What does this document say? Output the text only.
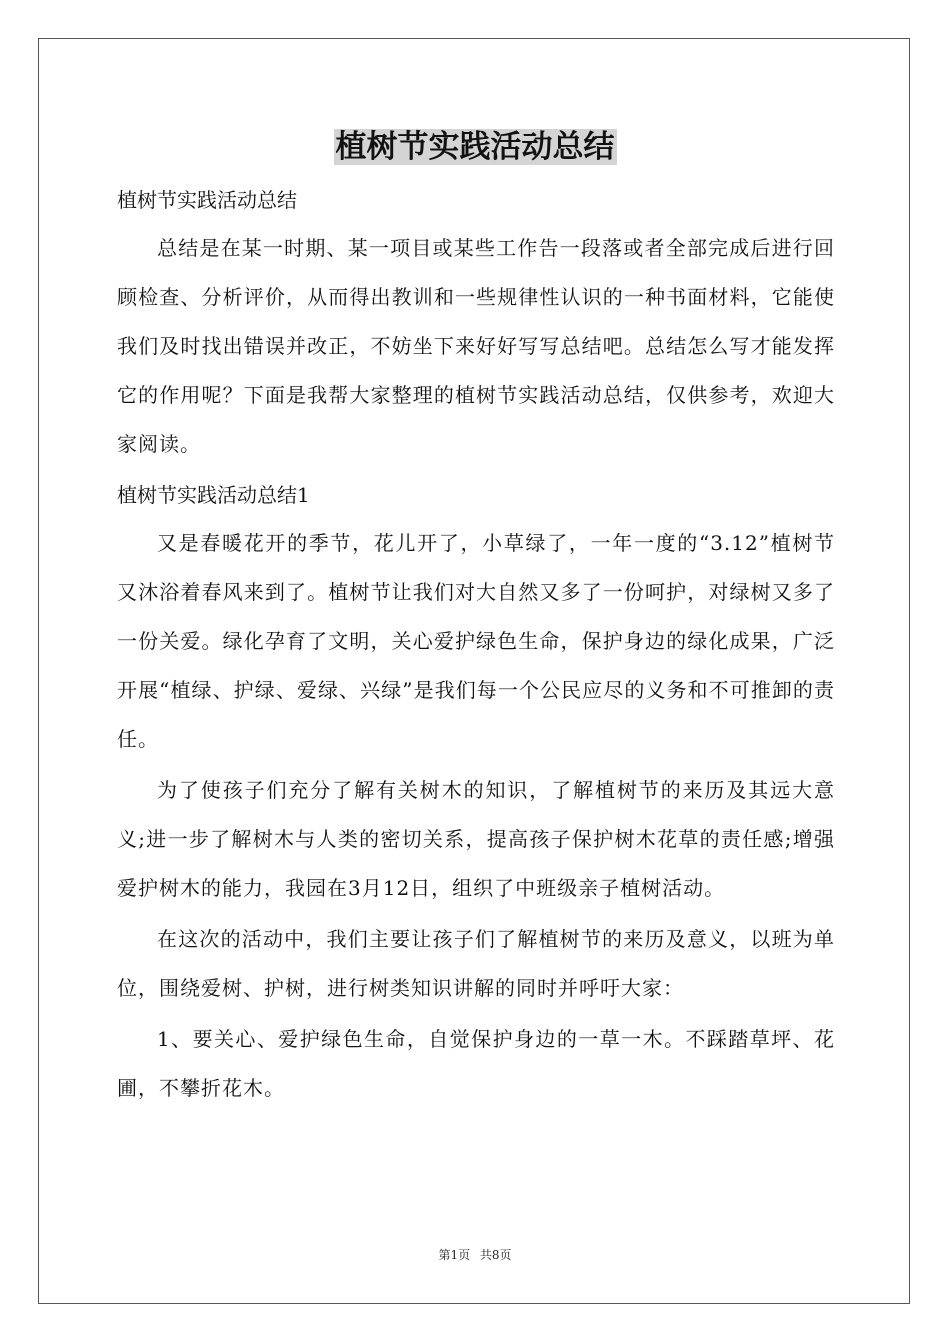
植树节实践活动总结

植树节实践活动总结

总结是在某一时期、某一项目或某些工作告一段落或者全部完成后进行回顾检查、分析评价，从而得出教训和一些规律性认识的一种书面材料，它能使我们及时找出错误并改正，不妨坐下来好好写写总结吧。总结怎么写才能发挥它的作用呢？下面是我帮大家整理的植树节实践活动总结，仅供参考，欢迎大家阅读。

植树节实践活动总结1

又是春暖花开的季节，花儿开了，小草绿了，一年一度的“3.12”植树节又沐浴着春风来到了。植树节让我们对大自然又多了一份呵护，对绿树又多了一份关爱。绿化孕育了文明，关心爱护绿色生命，保护身边的绿化成果，广泛开展“植绿、护绿、爱绿、兴绿”是我们每一个公民应尽的义务和不可推卸的责任。

为了使孩子们充分了解有关树木的知识，了解植树节的来历及其远大意义;进一步了解树木与人类的密切关系，提高孩子保护树木花草的责任感;增强爱护树木的能力，我园在3月12日，组织了中班级亲子植树活动。

在这次的活动中，我们主要让孩子们了解植树节的来历及意义，以班为单位，围绕爱树、护树，进行树类知识讲解的同时并呼吁大家：

1、要关心、爱护绿色生命，自觉保护身边的一草一木。不踩踏草坪、花圃，不攀折花木。

第1页 共8页
